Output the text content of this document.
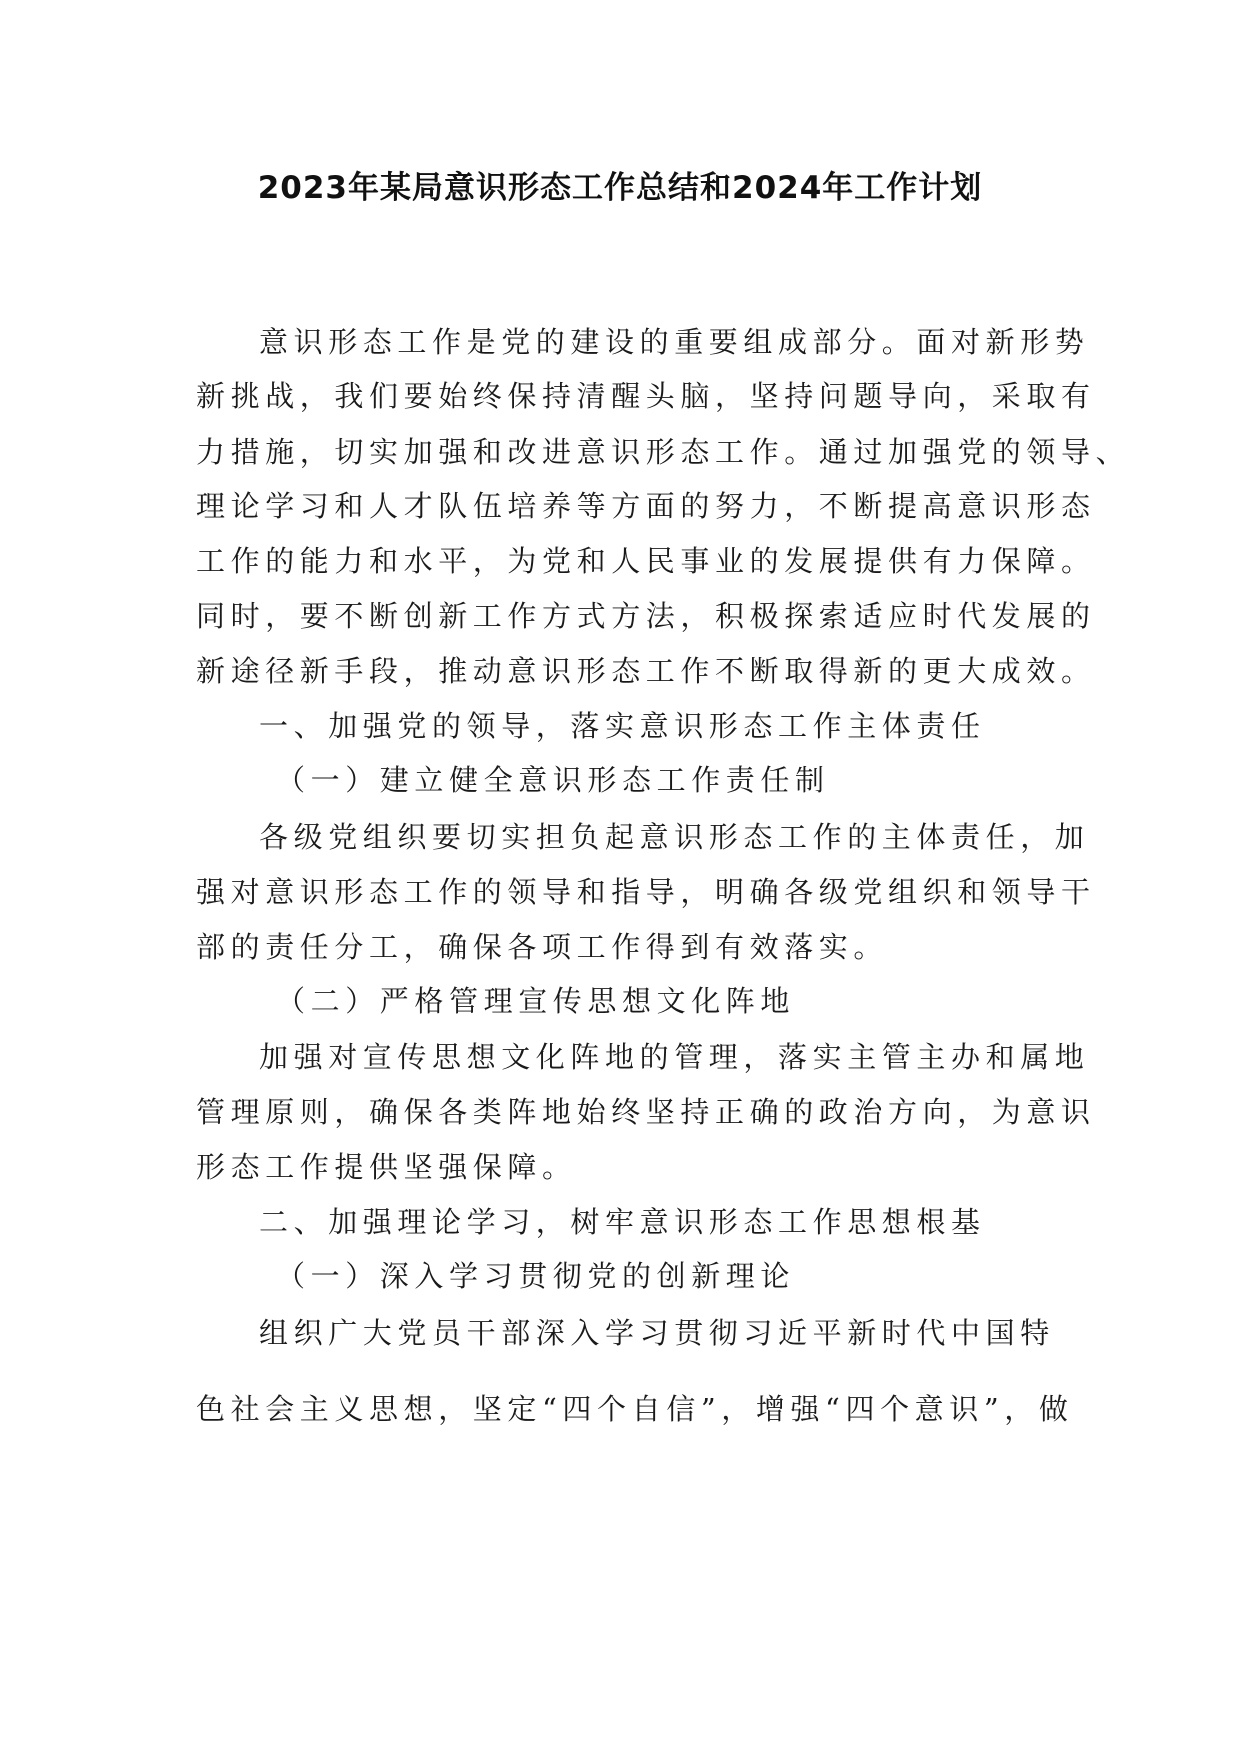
2023年某局意识形态工作总结和2024年工作计划
意识形态工作是党的建设的重要组成部分。面对新形势
新挑战，我们要始终保持清醒头脑，坚持问题导向，采取有
力措施，切实加强和改进意识形态工作。通过加强党的领导、
理论学习和人才队伍培养等方面的努力，不断提高意识形态
工作的能力和水平，为党和人民事业的发展提供有力保障。
同时，要不断创新工作方式方法，积极探索适应时代发展的
新途径新手段，推动意识形态工作不断取得新的更大成效。
一、加强党的领导，落实意识形态工作主体责任
（一）建立健全意识形态工作责任制
各级党组织要切实担负起意识形态工作的主体责任，加
强对意识形态工作的领导和指导，明确各级党组织和领导干
部的责任分工，确保各项工作得到有效落实。
（二）严格管理宣传思想文化阵地
加强对宣传思想文化阵地的管理，落实主管主办和属地
管理原则，确保各类阵地始终坚持正确的政治方向，为意识
形态工作提供坚强保障。
二、加强理论学习，树牢意识形态工作思想根基
（一）深入学习贯彻党的创新理论
组织广大党员干部深入学习贯彻习近平新时代中国特
色社会主义思想，坚定“四个自信”，增强“四个意识”，做
